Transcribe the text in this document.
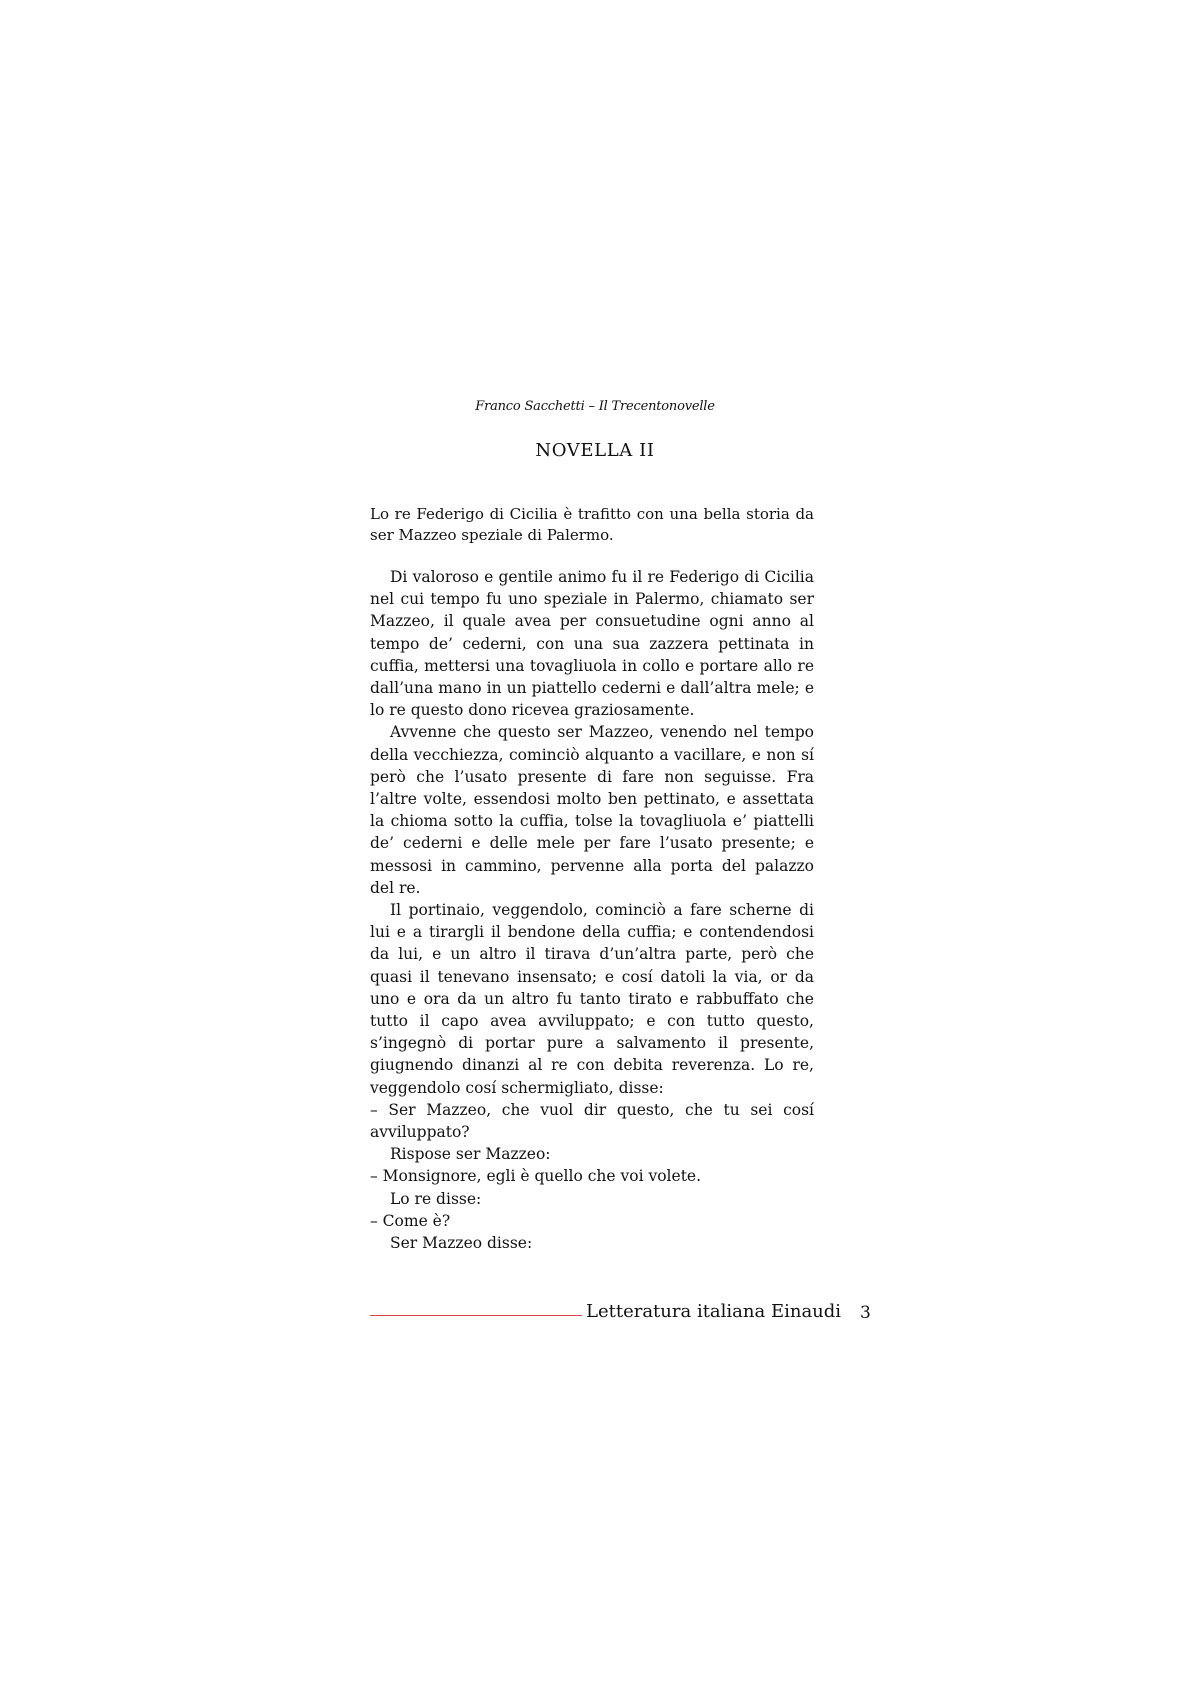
Franco Sacchetti – Il Trecentonovelle
NOVELLA II

Lo re Federigo di Cicilia è trafitto con una bella storia da ser Mazzeo speziale di Palermo.

Di valoroso e gentile animo fu il re Federigo di Cicilia nel cui tempo fu uno speziale in Palermo, chiamato ser Mazzeo, il quale avea per consuetudine ogni anno al tempo de’ cederni, con una sua zazzera pettinata in cuffia, mettersi una tovagliuola in collo e portare allo re dall’una mano in un piattello cederni e dall’altra mele; e lo re questo dono ricevea graziosamente.

Avvenne che questo ser Mazzeo, venendo nel tempo della vecchiezza, cominciò alquanto a vacillare, e non sí però che l’usato presente di fare non seguisse. Fra l’altre volte, essendosi molto ben pettinato, e assettata la chioma sotto la cuffia, tolse la tovagliuola e’ piattelli de’ cederni e delle mele per fare l’usato presente; e messosi in cammino, pervenne alla porta del palazzo del re.

Il portinaio, veggendolo, cominciò a fare scherne di lui e a tirargli il bendone della cuffia; e contendendosi da lui, e un altro il tirava d’un’altra parte, però che quasi il tenevano insensato; e cosí datoli la via, or da uno e ora da un altro fu tanto tirato e rabbuffato che tutto il capo avea avviluppato; e con tutto questo, s’ingegnò di portar pure a salvamento il presente, giugnendo dinanzi al re con debita reverenza. Lo re, veggendolo cosí schermigliato, disse:

– Ser Mazzeo, che vuol dir questo, che tu sei cosí avviluppato?

Rispose ser Mazzeo:

– Monsignore, egli è quello che voi volete.

Lo re disse:

– Come è?

Ser Mazzeo disse:

Letteratura italiana Einaudi 3
